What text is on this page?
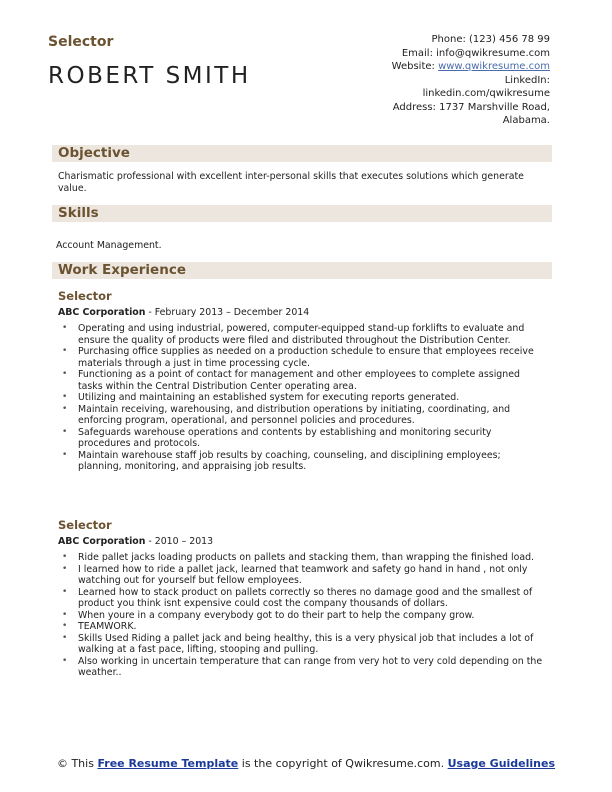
Selector
ROBERT SMITH
Phone: (123) 456 78 99
Email: info@qwikresume.com
Website: www.qwikresume.com
LinkedIn:
linkedin.com/qwikresume
Address: 1737 Marshville Road,
Alabama.
Objective
Charismatic professional with excellent inter-personal skills that executes solutions which generate value.
Skills
Account Management.
Work Experience
Selector
ABC Corporation - February 2013 – December 2014
• Operating and using industrial, powered, computer-equipped stand-up forklifts to evaluate and ensure the quality of products were filed and distributed throughout the Distribution Center.
• Purchasing office supplies as needed on a production schedule to ensure that employees receive materials through a just in time processing cycle.
• Functioning as a point of contact for management and other employees to complete assigned tasks within the Central Distribution Center operating area.
• Utilizing and maintaining an established system for executing reports generated.
• Maintain receiving, warehousing, and distribution operations by initiating, coordinating, and enforcing program, operational, and personnel policies and procedures.
• Safeguards warehouse operations and contents by establishing and monitoring security procedures and protocols.
• Maintain warehouse staff job results by coaching, counseling, and disciplining employees; planning, monitoring, and appraising job results.
Selector
ABC Corporation - 2010 – 2013
• Ride pallet jacks loading products on pallets and stacking them, than wrapping the finished load.
• I learned how to ride a pallet jack, learned that teamwork and safety go hand in hand , not only watching out for yourself but fellow employees.
• Learned how to stack product on pallets correctly so theres no damage good and the smallest of product you think isnt expensive could cost the company thousands of dollars.
• When youre in a company everybody got to do their part to help the company grow.
• TEAMWORK.
• Skills Used Riding a pallet jack and being healthy, this is a very physical job that includes a lot of walking at a fast pace, lifting, stooping and pulling.
• Also working in uncertain temperature that can range from very hot to very cold depending on the weather..
© This Free Resume Template is the copyright of Qwikresume.com. Usage Guidelines
